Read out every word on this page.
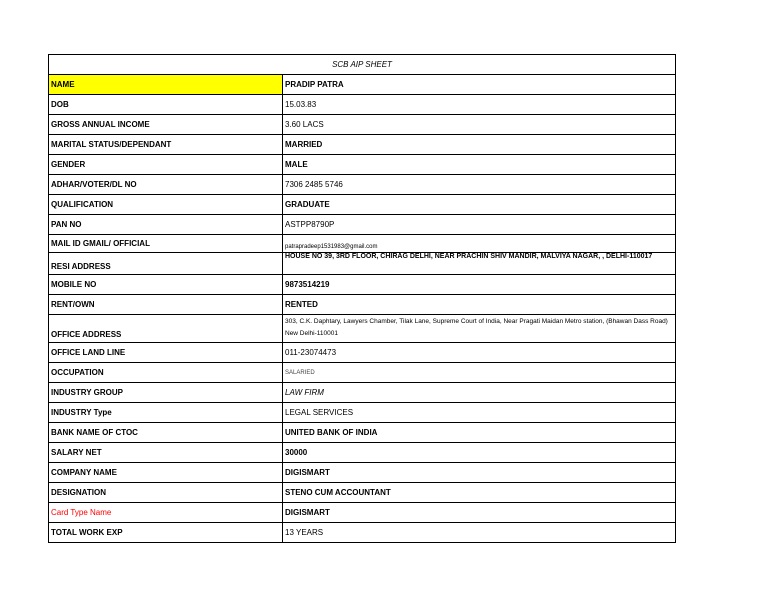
SCB AIP SHEET	
NAME	PRADIP PATRA
DOB	15.03.83
GROSS ANNUAL INCOME	3.60 LACS
MARITAL STATUS/DEPENDANT	MARRIED
GENDER	MALE
ADHAR/VOTER/DL NO	7306 2485 5746
QUALIFICATION	GRADUATE
PAN NO	ASTPP8790P
MAIL ID GMAIL/ OFFICIAL	patrapradeep1531983@gmail.com
RESI ADDRESS	HOUSE NO 39, 3RD FLOOR, CHIRAG DELHI, NEAR PRACHIN SHIV MANDIR, MALVIYA NAGAR, , DELHI-110017
MOBILE NO	9873514219
RENT/OWN	RENTED
OFFICE ADDRESS	303, C.K. Daphtary, Lawyers Chamber, Tilak Lane, Supreme Court of India, Near Pragati Maidan Metro station, (Bhawan Dass Road) New Delhi-110001
OFFICE LAND LINE	011-23074473
OCCUPATION	SALARIED
INDUSTRY GROUP	LAW FIRM
INDUSTRY Type	LEGAL SERVICES
BANK NAME OF CTOC	UNITED BANK OF INDIA
SALARY NET	30000
COMPANY NAME	DIGISMART
DESIGNATION	STENO CUM ACCOUNTANT
Card Type Name	DIGISMART
TOTAL WORK EXP	13 YEARS
